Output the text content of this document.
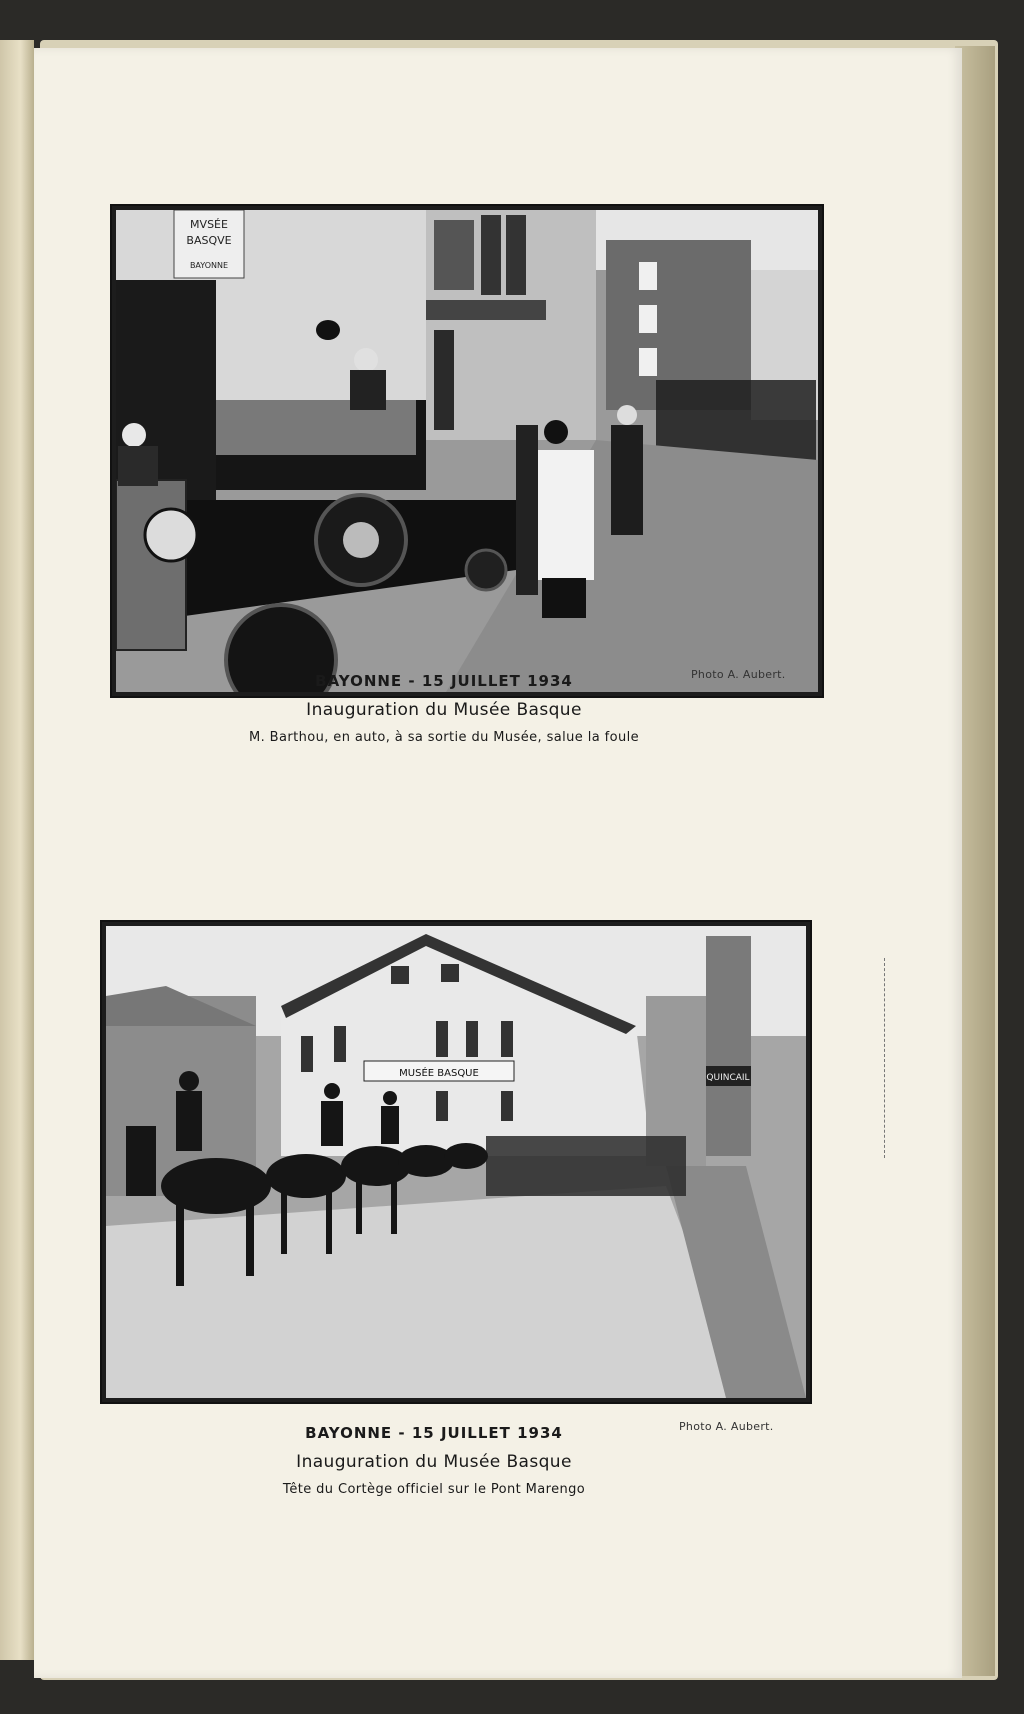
MVSÉE
BASQVE
BAYONNE
Photo A. Aubert.
BAYONNE - 15 JUILLET 1934
Inauguration du Musée Basque
M. Barthou, en auto, à sa sortie du Musée, salue la foule
MUSÉE BASQUE	QUINCAIL
Photo A. Aubert.
BAYONNE - 15 JUILLET 1934
Inauguration du Musée Basque
Tête du Cortège officiel sur le Pont Marengo
